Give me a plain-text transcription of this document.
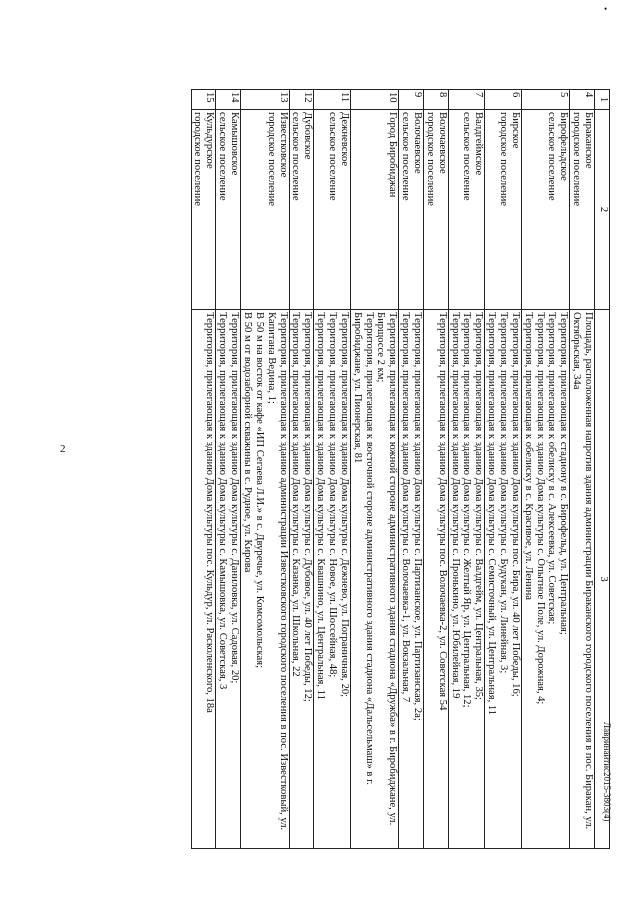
2
•
Лавринайтис2015-3803(4)
1	2	3
4	Бираканское
городское поселение	Площадь, расположенная напротив здания администрации Бираканского городского поселения в пос. Биракан, ул. Октябрьская, 34а

5	Бирофельдское
сельское поселение	Территория, прилегающая к стадиону в с. Бирофельд, ул. Центральная;
Территория, прилегающая к обелиску в с. Алексеевка, ул. Советская;
Территория, прилегающая к зданию Дома культуры с. Опытное Поле, ул. Дорожная, 4;
Территория, прилегающая к обелиску в с. Красивое, ул. Ленина

6	Бирское
городское поселение	Территория, прилегающая к зданию Дома культуры пос. Бира, ул. 40 лет Победы, 16;
Территория, прилегающая к зданию Дома культуры с. Будукан, ул. Линейная, 3;
Территория, прилегающая к зданию Дома культуры с. Семисточный, ул. Центральная, 11

7	Валдгеймское
сельское поселение	Территория, прилегающая к зданию Дома культуры с. Валдгейм, ул. Центральная, 35;
Территория, прилегающая к зданию Дома культуры с. Желтый Яр, ул. Центральная, 12;
Территория, прилегающая к зданию Дома культуры с. Пронькино, ул. Юбилейная, 19

8	Волочаевское
городское поселение	Территория, прилегающая к зданию Дома культуры пос. Волочаевка-2, ул. Советская 54

9	Волочаевское
сельское поселение	Территория, прилегающая к зданию Дома культуры с. Партизанское, ул. Партизанская, 2а;
Территория, прилегающая к зданию Дома культуры с. Волочаевка-1, ул. Вокзальная, 7

10	Город Биробиджан	Территория, прилегающая к южной стороне административного здания стадиона «Дружба» в г. Биробиджане, ул. Бирщоссе 2 км;
Территория, прилегающая к восточной стороне административного здания стадиона «Дальсельмаш» в г. Биробиджане, ул. Пионерская, 81

11	Дежневское
сельское поселение	Территория, прилегающая к зданию Дома культуры с. Дежнево, ул. Пограничная, 20;
Территория, прилегающая к зданию Дома культуры с. Новое, ул. Шоссейная, 48;
Территория, прилегающая к зданию Дома культуры с. Квашнино, ул. Центральная, 11

12	Дубовское
сельское поселение	Территория, прилегающая к зданию Дома культуры с. Дубовое, ул. 40 лет Победы, 12;
Территория, прилегающая к зданию Дома культуры с. Казанка, ул. Школьная, 22

13	Известковское
городское поселение	Территория, прилегающая к зданию администрации Известковского городского поселения в пос. Известковый, ул. Капитана Ведина, 1;
В 50 м на восток от кафе «ИП Сегаева Л.И.» в с. Двуречье, ул. Комсомольская;
В 50 м от водозаборной скважины в с. Рудное, ул. Кирова

14	Камышовское
сельское поселение	Территория, прилегающая к зданию Дома культуры с. Даниловка, ул. Садовая, 20;
Территория, прилегающая к зданию Дома культуры с. Камышовка, ул. Советская, 3

15	Кульдурское
городское поселение	Территория, прилегающая к зданию Дома культуры пос. Кульдур, ул. Расколенского, 18а
